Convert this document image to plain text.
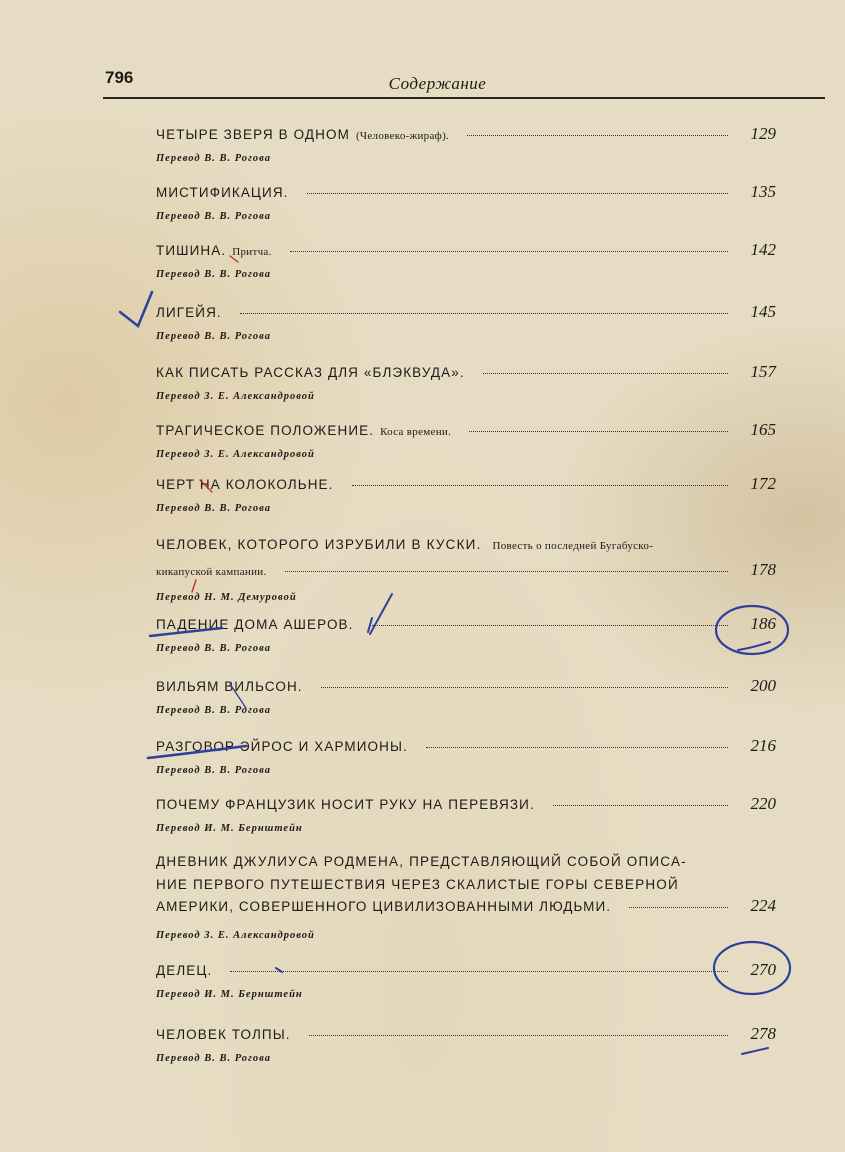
796	Содержание
ЧЕТЫРЕ ЗВЕРЯ В ОДНОМ (Человеко-жираф).	129
Перевод В. В. Рогова
МИСТИФИКАЦИЯ.	135
Перевод В. В. Рогова
ТИШИНА. Притча.	142
Перевод В. В. Рогова
ЛИГЕЙЯ.	145
Перевод В. В. Рогова
КАК ПИСАТЬ РАССКАЗ ДЛЯ «БЛЭКВУДА».	157
Перевод З. Е. Александровой
ТРАГИЧЕСКОЕ ПОЛОЖЕНИЕ. Коса времени.	165
Перевод З. Е. Александровой
ЧЕРТ НА КОЛОКОЛЬНЕ.	172
Перевод В. В. Рогова
ЧЕЛОВЕК, КОТОРОГО ИЗРУБИЛИ В КУСКИ. Повесть о последней Бугабуско-
кикапуской кампании.	178
Перевод Н. М. Демуровой
ПАДЕНИЕ ДОМА АШЕРОВ.	186
Перевод В. В. Рогова
ВИЛЬЯМ ВИЛЬСОН.	200
Перевод В. В. Рогова
РАЗГОВОР ЭЙРОС И ХАРМИОНЫ.	216
Перевод В. В. Рогова
ПОЧЕМУ ФРАНЦУЗИК НОСИТ РУКУ НА ПЕРЕВЯЗИ.	220
Перевод И. М. Бернштейн
ДНЕВНИК ДЖУЛИУСА РОДМЕНА, ПРЕДСТАВЛЯЮЩИЙ СОБОЙ ОПИСА-
НИЕ ПЕРВОГО ПУТЕШЕСТВИЯ ЧЕРЕЗ СКАЛИСТЫЕ ГОРЫ СЕВЕРНОЙ
АМЕРИКИ, СОВЕРШЕННОГО ЦИВИЛИЗОВАННЫМИ ЛЮДЬМИ.	224
Перевод З. Е. Александровой
ДЕЛЕЦ.	270
Перевод И. М. Бернштейн
ЧЕЛОВЕК ТОЛПЫ.	278
Перевод В. В. Рогова
